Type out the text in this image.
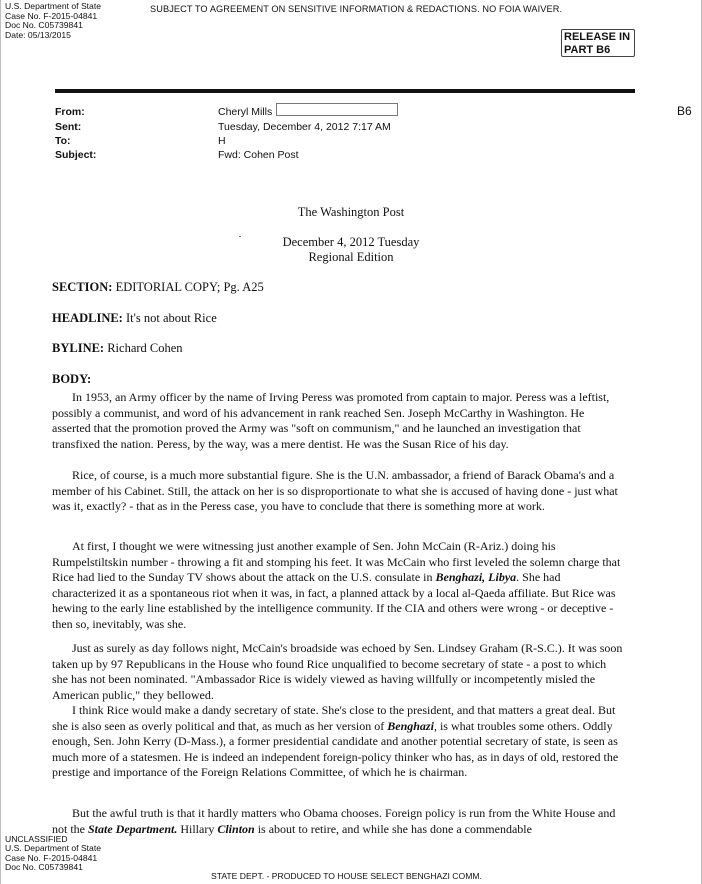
U.S. Department of State
Case No. F-2015-04841
Doc No. C05739841
Date: 05/13/2015
SUBJECT TO AGREEMENT ON SENSITIVE INFORMATION & REDACTIONS. NO FOIA WAIVER.
RELEASE IN
PART B6
From:	Cheryl Mills	B6
Sent:	Tuesday, December 4, 2012 7:17 AM
To:	H
Subject:	Fwd: Cohen Post
The Washington Post
December 4, 2012 Tuesday
Regional Edition
SECTION: EDITORIAL COPY; Pg. A25
HEADLINE: It's not about Rice
BYLINE: Richard Cohen
BODY:

In 1953, an Army officer by the name of Irving Peress was promoted from captain to major. Peress was a leftist, possibly a communist, and word of his advancement in rank reached Sen. Joseph McCarthy in Washington. He asserted that the promotion proved the Army was "soft on communism," and he launched an investigation that transfixed the nation. Peress, by the way, was a mere dentist. He was the Susan Rice of his day.

Rice, of course, is a much more substantial figure. She is the U.N. ambassador, a friend of Barack Obama's and a member of his Cabinet. Still, the attack on her is so disproportionate to what she is accused of having done - just what was it, exactly? - that as in the Peress case, you have to conclude that there is something more at work.

At first, I thought we were witnessing just another example of Sen. John McCain (R-Ariz.) doing his Rumpelstiltskin number - throwing a fit and stomping his feet. It was McCain who first leveled the solemn charge that Rice had lied to the Sunday TV shows about the attack on the U.S. consulate in Benghazi, Libya. She had characterized it as a spontaneous riot when it was, in fact, a planned attack by a local al-Qaeda affiliate. But Rice was hewing to the early line established by the intelligence community. If the CIA and others were wrong - or deceptive - then so, inevitably, was she.

Just as surely as day follows night, McCain's broadside was echoed by Sen. Lindsey Graham (R-S.C.). It was soon taken up by 97 Republicans in the House who found Rice unqualified to become secretary of state - a post to which she has not been nominated. "Ambassador Rice is widely viewed as having willfully or incompetently misled the American public," they bellowed.

I think Rice would make a dandy secretary of state. She's close to the president, and that matters a great deal. But she is also seen as overly political and that, as much as her version of Benghazi, is what troubles some others. Oddly enough, Sen. John Kerry (D-Mass.), a former presidential candidate and another potential secretary of state, is seen as much more of a statesmen. He is indeed an independent foreign-policy thinker who has, as in days of old, restored the prestige and importance of the Foreign Relations Committee, of which he is chairman.

But the awful truth is that it hardly matters who Obama chooses. Foreign policy is run from the White House and not the State Department. Hillary Clinton is about to retire, and while she has done a commendable

UNCLASSIFIED
U.S. Department of State
Case No. F-2015-04841
Doc No. C05739841
STATE DEPT. - PRODUCED TO HOUSE SELECT BENGHAZI COMM.
